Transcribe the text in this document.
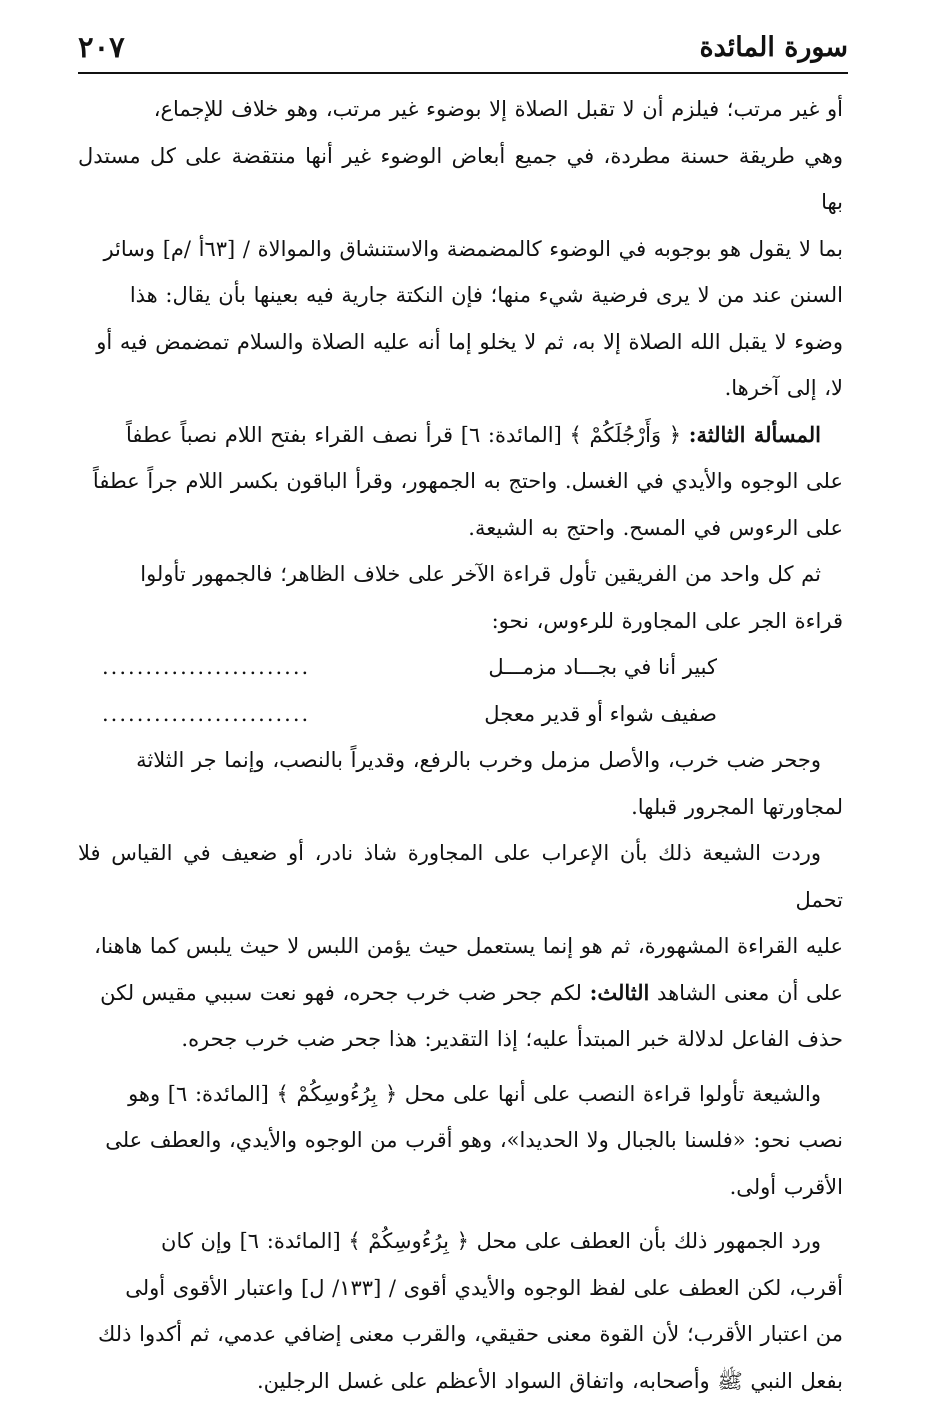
سورة المائدة
٢٠٧

أو غير مرتب؛ فيلزم أن لا تقبل الصلاة إلا بوضوء غير مرتب، وهو خلاف للإجماع،

وهي طريقة حسنة مطردة، في جميع أبعاض الوضوء غير أنها منتقضة على كل مستدل بها

بما لا يقول هو بوجوبه في الوضوء كالمضمضة والاستنشاق والموالاة / [٦٣أ /م] وسائر

السنن عند من لا يرى فرضية شيء منها؛ فإن النكتة جارية فيه بعينها بأن يقال: هذا

وضوء لا يقبل الله الصلاة إلا به، ثم لا يخلو إما أنه عليه الصلاة والسلام تمضمض فيه أو

لا، إلى آخرها.

المسألة الثالثة: ﴿ وَأَرْجُلَكُمْ ﴾ [المائدة: ٦] قرأ نصف القراء بفتح اللام نصباً عطفاً

على الوجوه والأيدي في الغسل. واحتج به الجمهور، وقرأ الباقون بكسر اللام جراً عطفاً

على الرءوس في المسح. واحتج به الشيعة.

ثم كل واحد من الفريقين تأول قراءة الآخر على خلاف الظاهر؛ فالجمهور تأولوا

قراءة الجر على المجاورة للرءوس، نحو:

كبير أنا في بجـــاد مزمـــل
........................
صفيف شواء أو قدير معجل
........................

وجحر ضب خرب، والأصل مزمل وخرب بالرفع، وقديراً بالنصب، وإنما جر الثلاثة

لمجاورتها المجرور قبلها.

وردت الشيعة ذلك بأن الإعراب على المجاورة شاذ نادر، أو ضعيف في القياس فلا تحمل

عليه القراءة المشهورة، ثم هو إنما يستعمل حيث يؤمن اللبس لا حيث يلبس كما هاهنا،

على أن معنى الشاهد الثالث: لكم جحر ضب خرب جحره، فهو نعت سببي مقيس لكن

حذف الفاعل لدلالة خبر المبتدأ عليه؛ إذا التقدير: هذا جحر ضب خرب جحره.

والشيعة تأولوا قراءة النصب على أنها على محل ﴿ بِرُءُوسِكُمْ ﴾ [المائدة: ٦] وهو

نصب نحو: «فلسنا بالجبال ولا الحديدا»، وهو أقرب من الوجوه والأيدي، والعطف على

الأقرب أولى.

ورد الجمهور ذلك بأن العطف على محل ﴿ بِرُءُوسِكُمْ ﴾ [المائدة: ٦] وإن كان

أقرب، لكن العطف على لفظ الوجوه والأيدي أقوى / [١٣٣/ ل] واعتبار الأقوى أولى

من اعتبار الأقرب؛ لأن القوة معنى حقيقي، والقرب معنى إضافي عدمي، ثم أكدوا ذلك

بفعل النبي ﷺ وأصحابه، واتفاق السواد الأعظم على غسل الرجلين.
